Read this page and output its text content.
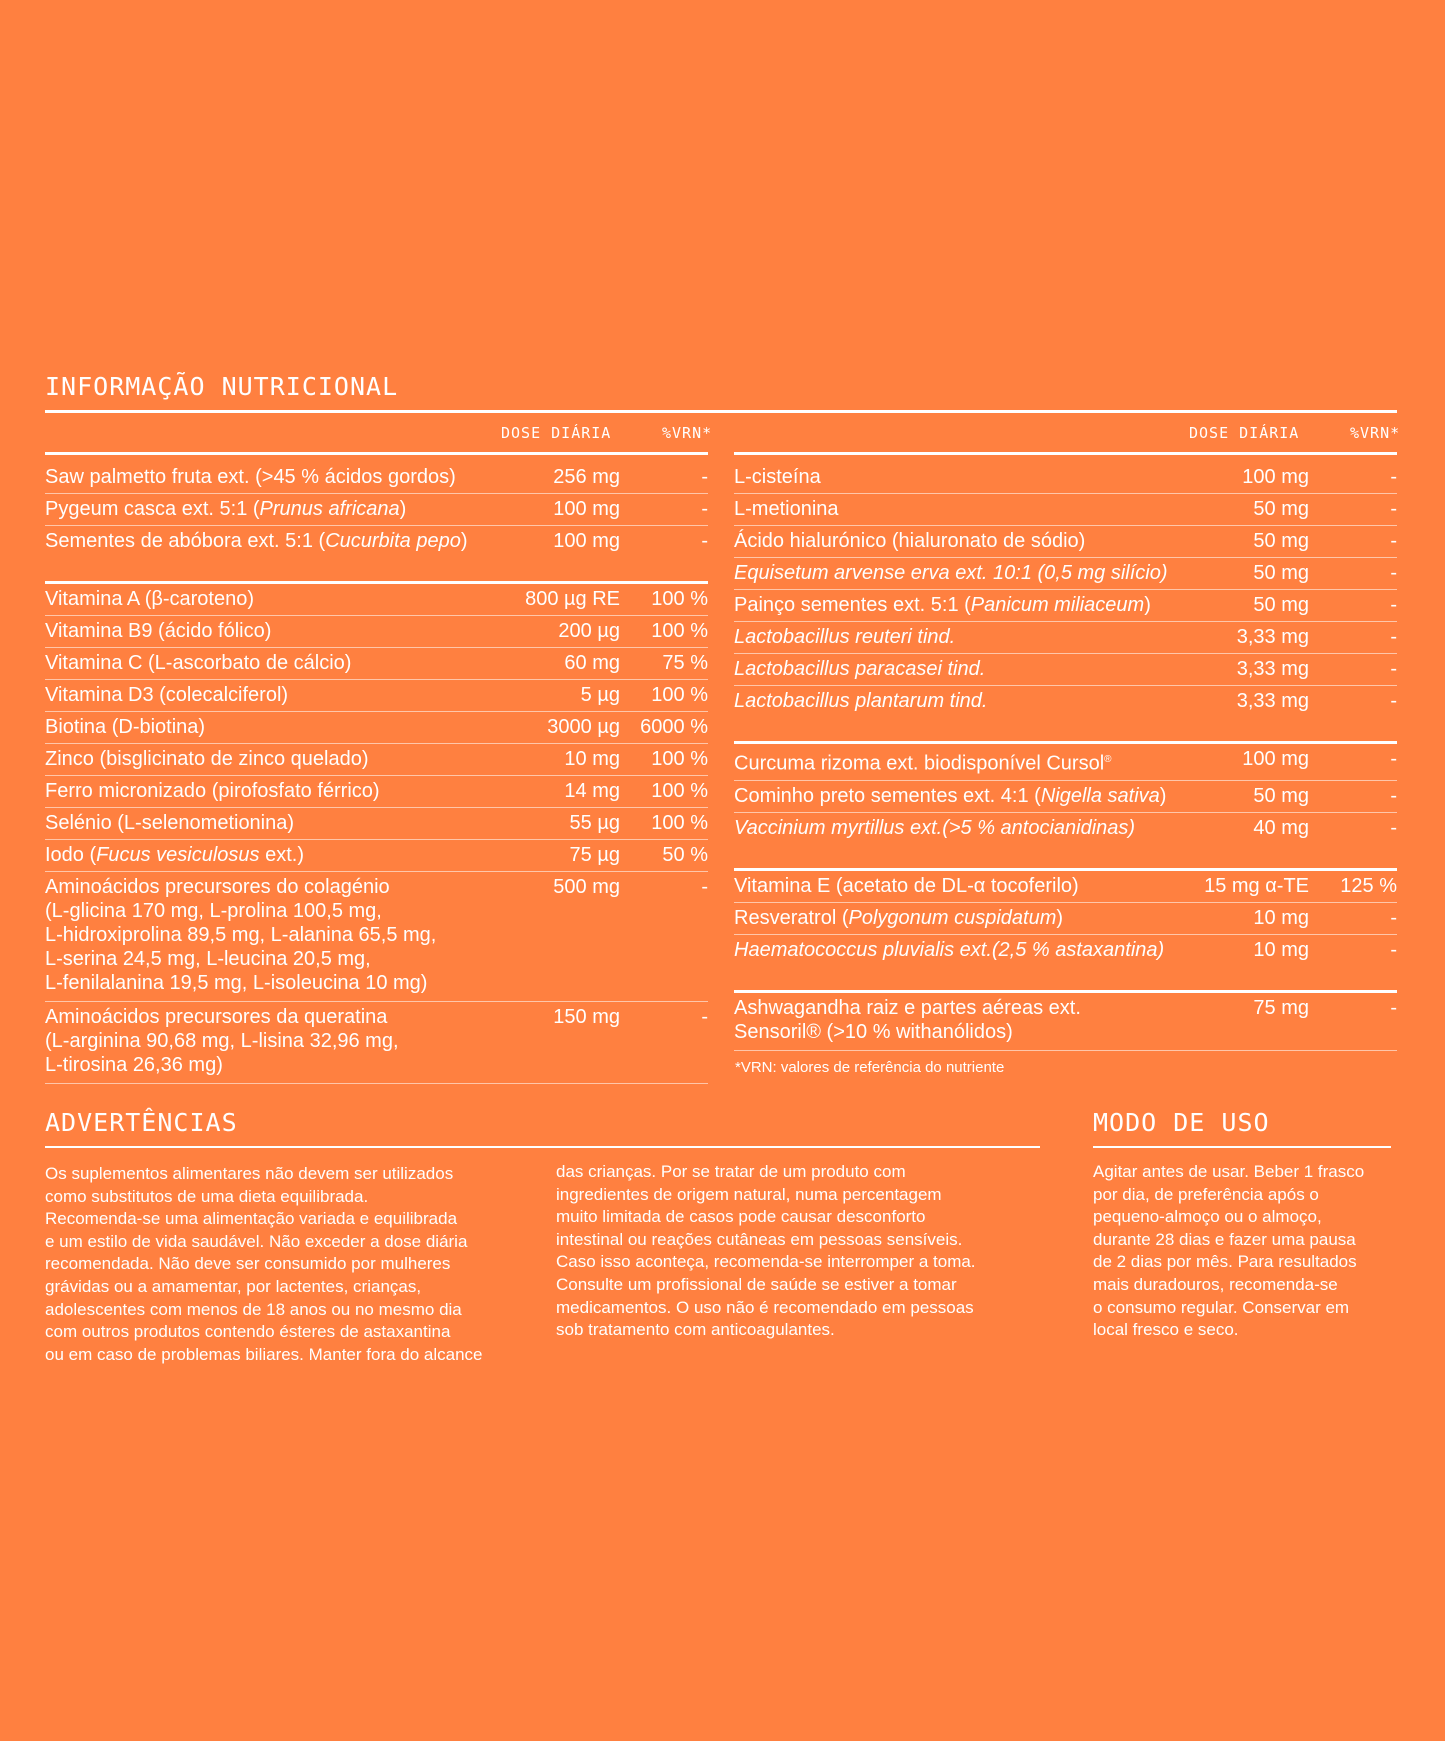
INFORMAÇÃO NUTRICIONAL
DOSE DIÁRIA	%VRN*	DOSE DIÁRIA	%VRN*
Saw palmetto fruta ext. (>45 % ácidos gordos)	256 mg	-
Pygeum casca ext. 5:1 (Prunus africana)	100 mg	-
Sementes de abóbora ext. 5:1 (Cucurbita pepo)	100 mg	-

Vitamina A (β-caroteno)	800 µg RE	100 %
Vitamina B9 (ácido fólico)	200 µg	100 %
Vitamina C (L-ascorbato de cálcio)	60 mg	75 %
Vitamina D3 (colecalciferol)	5 µg	100 %
Biotina (D-biotina)	3000 µg	6000 %
Zinco (bisglicinato de zinco quelado)	10 mg	100 %
Ferro micronizado (pirofosfato férrico)	14 mg	100 %
Selénio (L-selenometionina)	55 µg	100 %
Iodo (Fucus vesiculosus ext.)	75 µg	50 %

Aminoácidos precursores do colagénio
(L-glicina 170 mg, L-prolina 100,5 mg,
L-hidroxiprolina 89,5 mg, L-alanina 65,5 mg,
L-serina 24,5 mg, L-leucina 20,5 mg,
L-fenilalanina 19,5 mg, L-isoleucina 10 mg)	500 mg	-

Aminoácidos precursores da queratina
(L-arginina 90,68 mg, L-lisina 32,96 mg,
L-tirosina 26,36 mg)	150 mg	-
L-cisteína	100 mg	-
L-metionina	50 mg	-
Ácido hialurónico (hialuronato de sódio)	50 mg	-
Equisetum arvense erva ext. 10:1 (0,5 mg silício)	50 mg	-
Painço sementes ext. 5:1 (Panicum miliaceum)	50 mg	-
Lactobacillus reuteri tind.	3,33 mg	-
Lactobacillus paracasei tind.	3,33 mg	-
Lactobacillus plantarum tind.	3,33 mg	-

Curcuma rizoma ext. biodisponível Cursol®	100 mg	-
Cominho preto sementes ext. 4:1 (Nigella sativa)	50 mg	-
Vaccinium myrtillus ext.(>5 % antocianidinas)	40 mg	-

Vitamina E (acetato de DL-α tocoferilo)	15 mg α-TE	125 %
Resveratrol (Polygonum cuspidatum)	10 mg	-
Haematococcus pluvialis ext.(2,5 % astaxantina)	10 mg	-

Ashwagandha raiz e partes aéreas ext.
Sensoril® (>10 % withanólidos)	75 mg	-
*VRN: valores de referência do nutriente
ADVERTÊNCIAS
Os suplementos alimentares não devem ser utilizados
como substitutos de uma dieta equilibrada.
Recomenda-se uma alimentação variada e equilibrada
e um estilo de vida saudável. Não exceder a dose diária
recomendada. Não deve ser consumido por mulheres
grávidas ou a amamentar, por lactentes, crianças,
adolescentes com menos de 18 anos ou no mesmo dia
com outros produtos contendo ésteres de astaxantina
ou em caso de problemas biliares. Manter fora do alcance
das crianças. Por se tratar de um produto com
ingredientes de origem natural, numa percentagem
muito limitada de casos pode causar desconforto
intestinal ou reações cutâneas em pessoas sensíveis.
Caso isso aconteça, recomenda-se interromper a toma.
Consulte um profissional de saúde se estiver a tomar
medicamentos. O uso não é recomendado em pessoas
sob tratamento com anticoagulantes.
MODO DE USO
Agitar antes de usar. Beber 1 frasco
por dia, de preferência após o
pequeno-almoço ou o almoço,
durante 28 dias e fazer uma pausa
de 2 dias por mês. Para resultados
mais duradouros, recomenda-se
o consumo regular. Conservar em
local fresco e seco.
